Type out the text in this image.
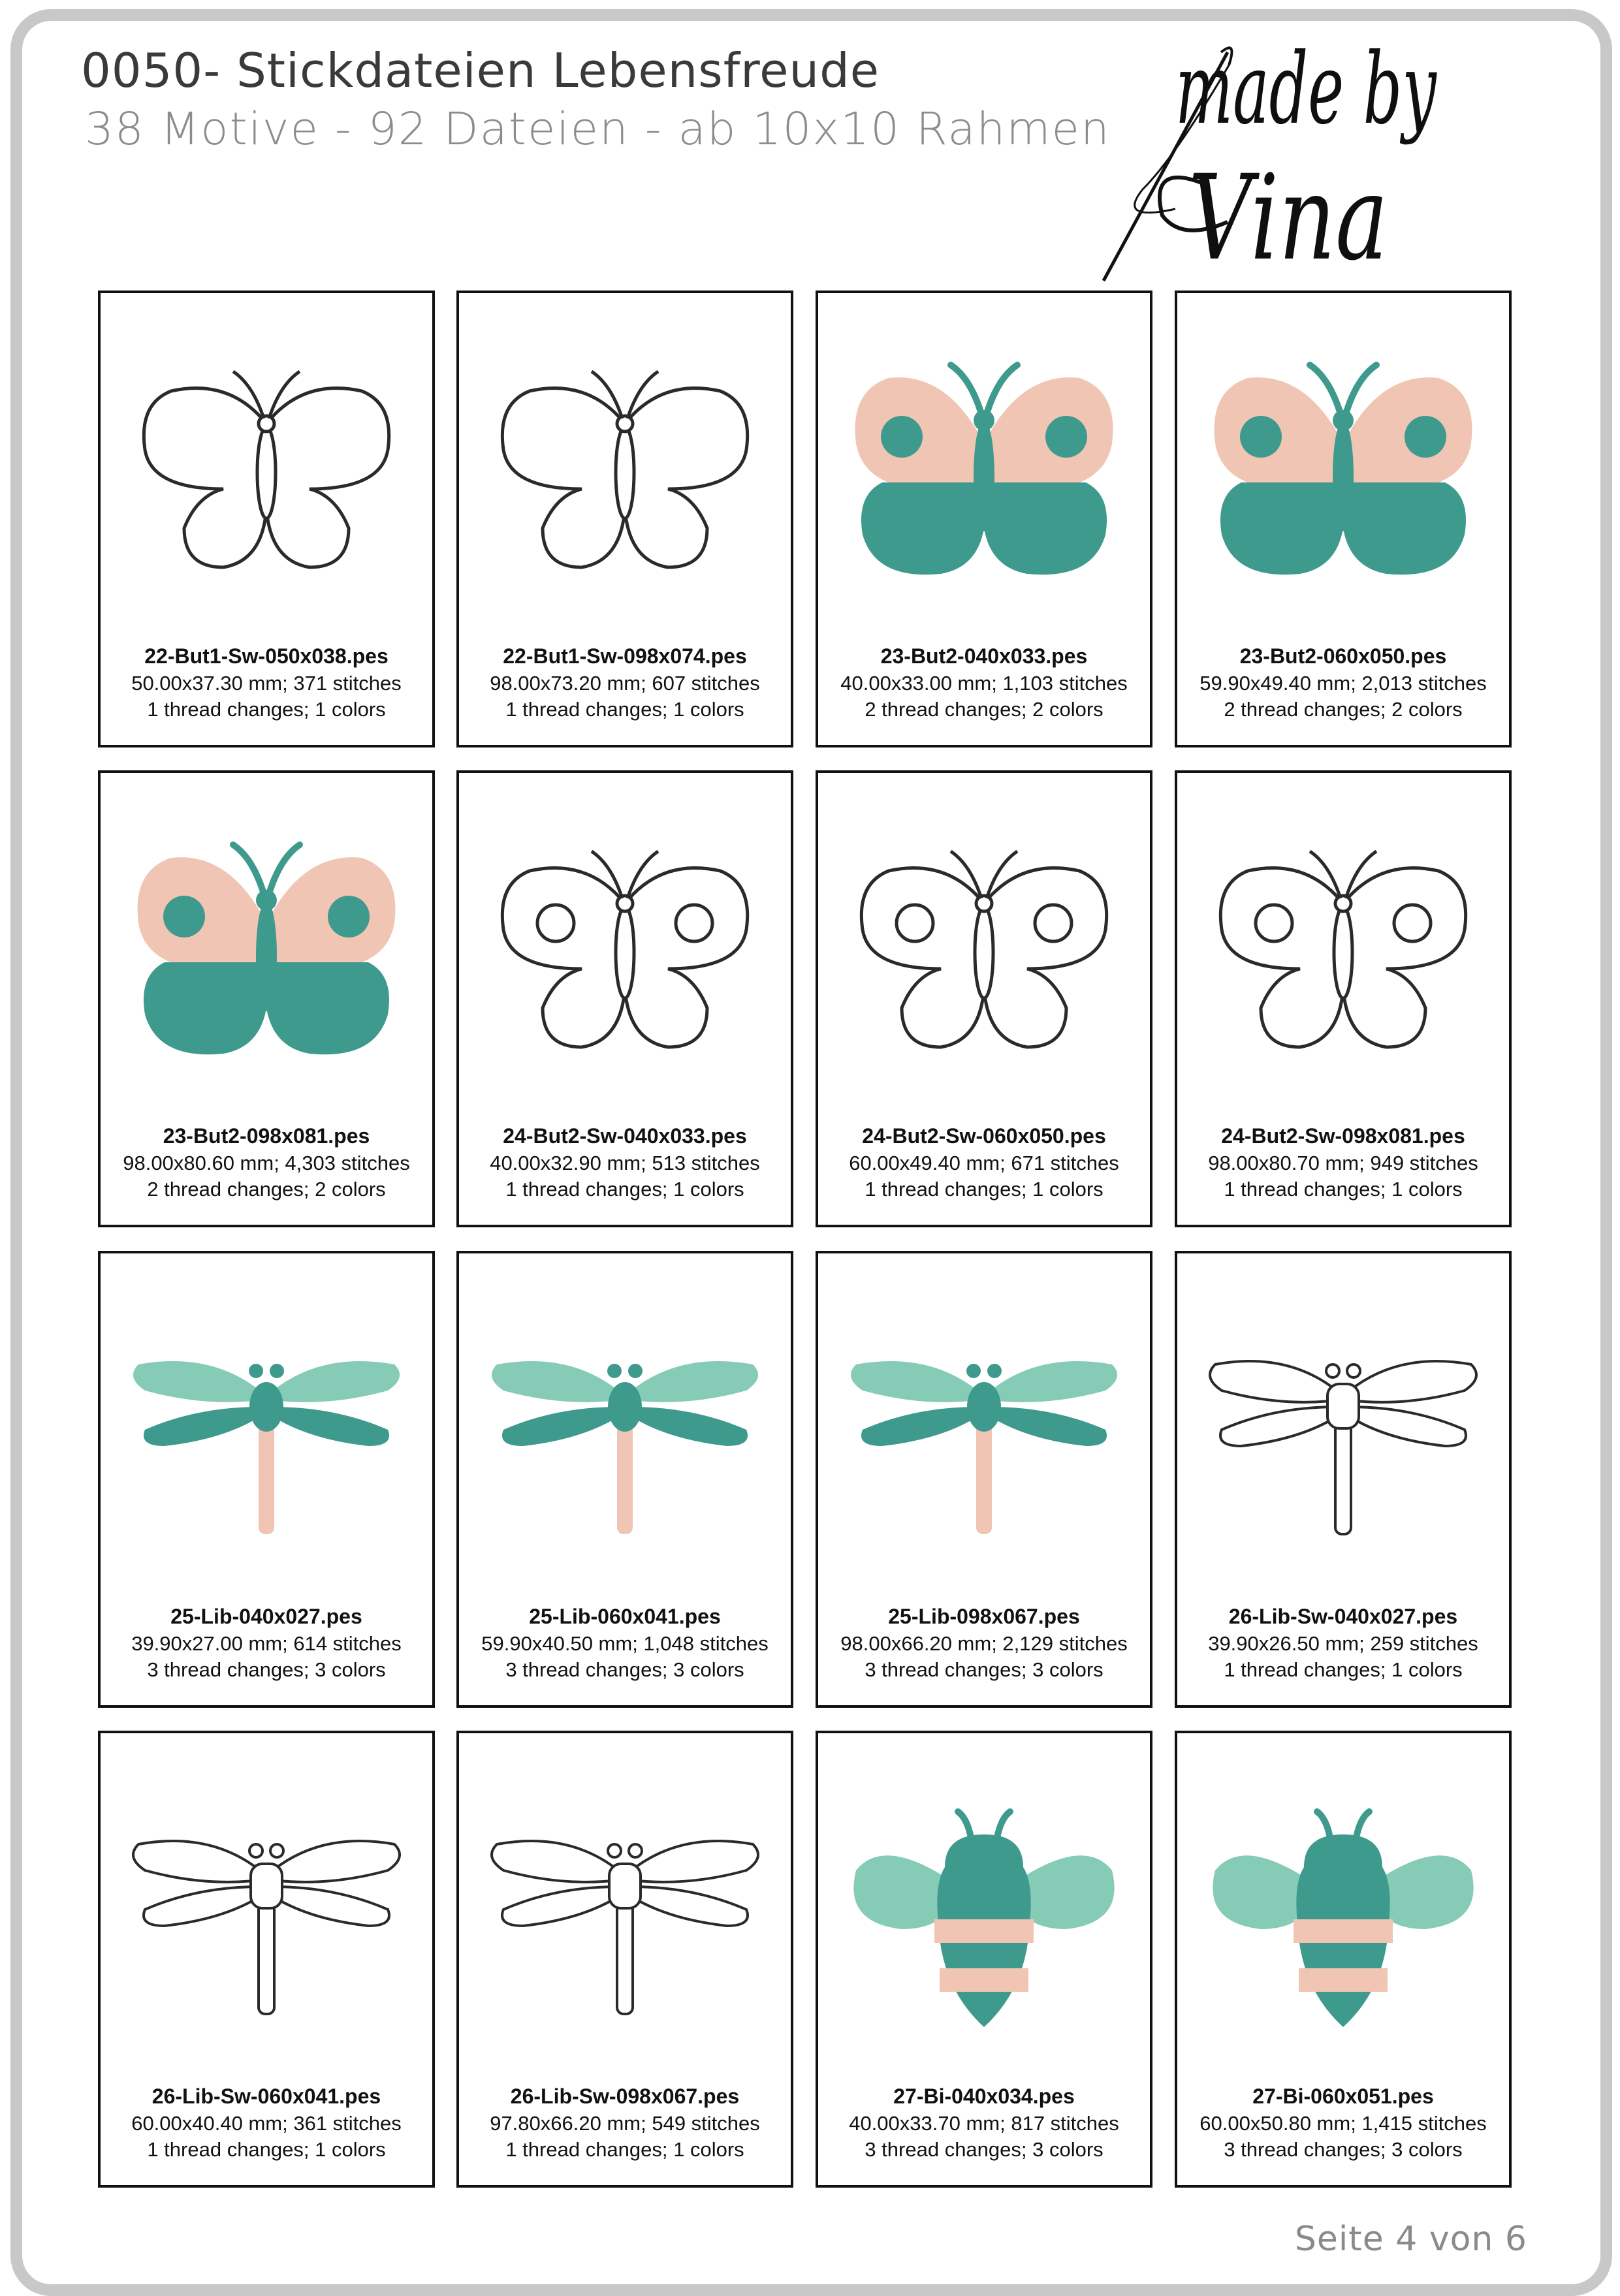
0050- Stickdateien Lebensfreude
38 Motive - 92 Dateien - ab 10x10 Rahmen made by
Vina
22-But1-Sw-050x038.pes
50.00x37.30 mm; 371 stitches
1 thread changes; 1 colors
22-But1-Sw-098x074.pes
98.00x73.20 mm; 607 stitches
1 thread changes; 1 colors
23-But2-040x033.pes
40.00x33.00 mm; 1,103 stitches
2 thread changes; 2 colors
23-But2-060x050.pes
59.90x49.40 mm; 2,013 stitches
2 thread changes; 2 colors
23-But2-098x081.pes
98.00x80.60 mm; 4,303 stitches
2 thread changes; 2 colors
24-But2-Sw-040x033.pes
40.00x32.90 mm; 513 stitches
1 thread changes; 1 colors
24-But2-Sw-060x050.pes
60.00x49.40 mm; 671 stitches
1 thread changes; 1 colors
24-But2-Sw-098x081.pes
98.00x80.70 mm; 949 stitches
1 thread changes; 1 colors
25-Lib-040x027.pes
39.90x27.00 mm; 614 stitches
3 thread changes; 3 colors
25-Lib-060x041.pes
59.90x40.50 mm; 1,048 stitches
3 thread changes; 3 colors
25-Lib-098x067.pes
98.00x66.20 mm; 2,129 stitches
3 thread changes; 3 colors
26-Lib-Sw-040x027.pes
39.90x26.50 mm; 259 stitches
1 thread changes; 1 colors
26-Lib-Sw-060x041.pes
60.00x40.40 mm; 361 stitches
1 thread changes; 1 colors
26-Lib-Sw-098x067.pes
97.80x66.20 mm; 549 stitches
1 thread changes; 1 colors
27-Bi-040x034.pes
40.00x33.70 mm; 817 stitches
3 thread changes; 3 colors
27-Bi-060x051.pes
60.00x50.80 mm; 1,415 stitches
3 thread changes; 3 colors
Seite 4 von 6
